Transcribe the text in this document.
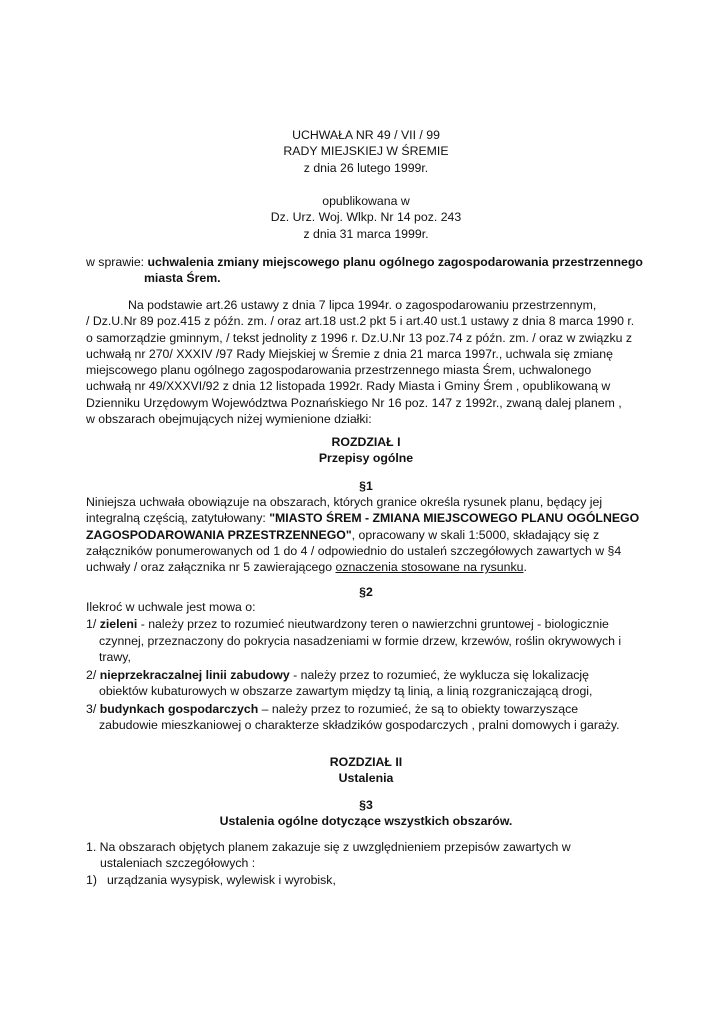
UCHWAŁA NR 49 / VII / 99
RADY MIEJSKIEJ W ŚREMIE
z dnia 26 lutego 1999r.
opublikowana w
Dz. Urz. Woj. Wlkp. Nr 14 poz. 243
z dnia 31 marca 1999r.
w sprawie: uchwalenia zmiany miejscowego planu ogólnego zagospodarowania przestrzennego
miasta Śrem.
Na podstawie art.26 ustawy z dnia 7 lipca 1994r. o zagospodarowaniu przestrzennym,
/ Dz.U.Nr 89 poz.415 z późn. zm. / oraz art.18 ust.2 pkt 5 i art.40 ust.1 ustawy z dnia 8 marca 1990 r.
o samorządzie gminnym, / tekst jednolity z 1996 r. Dz.U.Nr 13 poz.74 z późn. zm. / oraz w związku z
uchwałą nr 270/ XXXIV /97 Rady Miejskiej w Śremie z dnia 21 marca 1997r., uchwala się zmianę
miejscowego planu ogólnego zagospodarowania przestrzennego miasta Śrem, uchwalonego
uchwałą nr 49/XXXVI/92 z dnia 12 listopada 1992r. Rady Miasta i Gminy Śrem , opublikowaną w
Dzienniku Urzędowym Województwa Poznańskiego Nr 16 poz. 147 z 1992r., zwaną dalej planem ,
w obszarach obejmujących niżej wymienione działki:
ROZDZIAŁ I
Przepisy ogólne
§1
Niniejsza uchwała obowiązuje na obszarach, których granice określa rysunek planu, będący jej
integralną częścią, zatytułowany: "MIASTO ŚREM - ZMIANA MIEJSCOWEGO PLANU OGÓLNEGO
ZAGOSPODAROWANIA PRZESTRZENNEGO", opracowany w skali 1:5000, składający się z
załączników ponumerowanych od 1 do 4 / odpowiednio do ustaleń szczegółowych zawartych w §4
uchwały / oraz załącznika nr 5 zawierającego oznaczenia stosowane na rysunku.
§2
Ilekroć w uchwale jest mowa o:
1/ zieleni - należy przez to rozumieć nieutwardzony teren o nawierzchni gruntowej - biologicznie
czynnej, przeznaczony do pokrycia nasadzeniami w formie drzew, krzewów, roślin okrywowych i
trawy,
2/ nieprzekraczalnej linii zabudowy - należy przez to rozumieć, że wyklucza się lokalizację
obiektów kubaturowych w obszarze zawartym między tą linią, a linią rozgraniczającą drogi,
3/ budynkach gospodarczych – należy przez to rozumieć, że są to obiekty towarzyszące
zabudowie mieszkaniowej o charakterze składzików gospodarczych , pralni domowych i garaży.
ROZDZIAŁ II
Ustalenia
§3
Ustalenia ogólne dotyczące wszystkich obszarów.
1. Na obszarach objętych planem zakazuje się z uwzględnieniem przepisów zawartych w
ustaleniach szczegółowych :
1) urządzania wysypisk, wylewisk i wyrobisk,
